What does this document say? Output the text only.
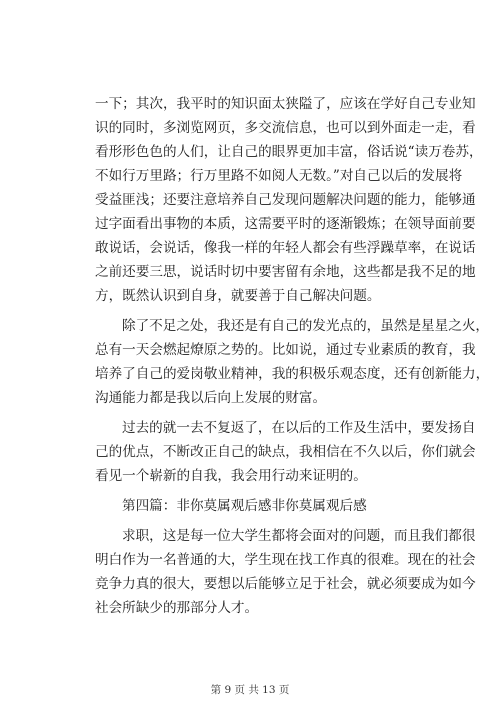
一下；其次，我平时的知识面太狭隘了，应该在学好自己专业知
识的同时，多浏览网页，多交流信息，也可以到外面走一走，看
看形形色色的人们，让自己的眼界更加丰富，俗话说“读万卷苏，
不如行万里路；行万里路不如阅人无数。”对自己以后的发展将
受益匪浅；还要注意培养自己发现问题解决问题的能力，能够通
过字面看出事物的本质，这需要平时的逐渐锻炼；在领导面前要
敢说话，会说话，像我一样的年轻人都会有些浮躁草率，在说话
之前还要三思，说话时切中要害留有余地，这些都是我不足的地
方，既然认识到自身，就要善于自己解决问题。

除了不足之处，我还是有自己的发光点的，虽然是星星之火，
总有一天会燃起燎原之势的。比如说，通过专业素质的教育，我
培养了自己的爱岗敬业精神，我的积极乐观态度，还有创新能力，
沟通能力都是我以后向上发展的财富。

过去的就一去不复返了，在以后的工作及生活中，要发扬自
己的优点，不断改正自己的缺点，我相信在不久以后，你们就会
看见一个崭新的自我，我会用行动来证明的。

第四篇：非你莫属观后感非你莫属观后感

求职，这是每一位大学生都将会面对的问题，而且我们都很
明白作为一名普通的大，学生现在找工作真的很难。现在的社会
竞争力真的很大，要想以后能够立足于社会，就必须要成为如今
社会所缺少的那部分人才。

第 9 页 共 13 页
